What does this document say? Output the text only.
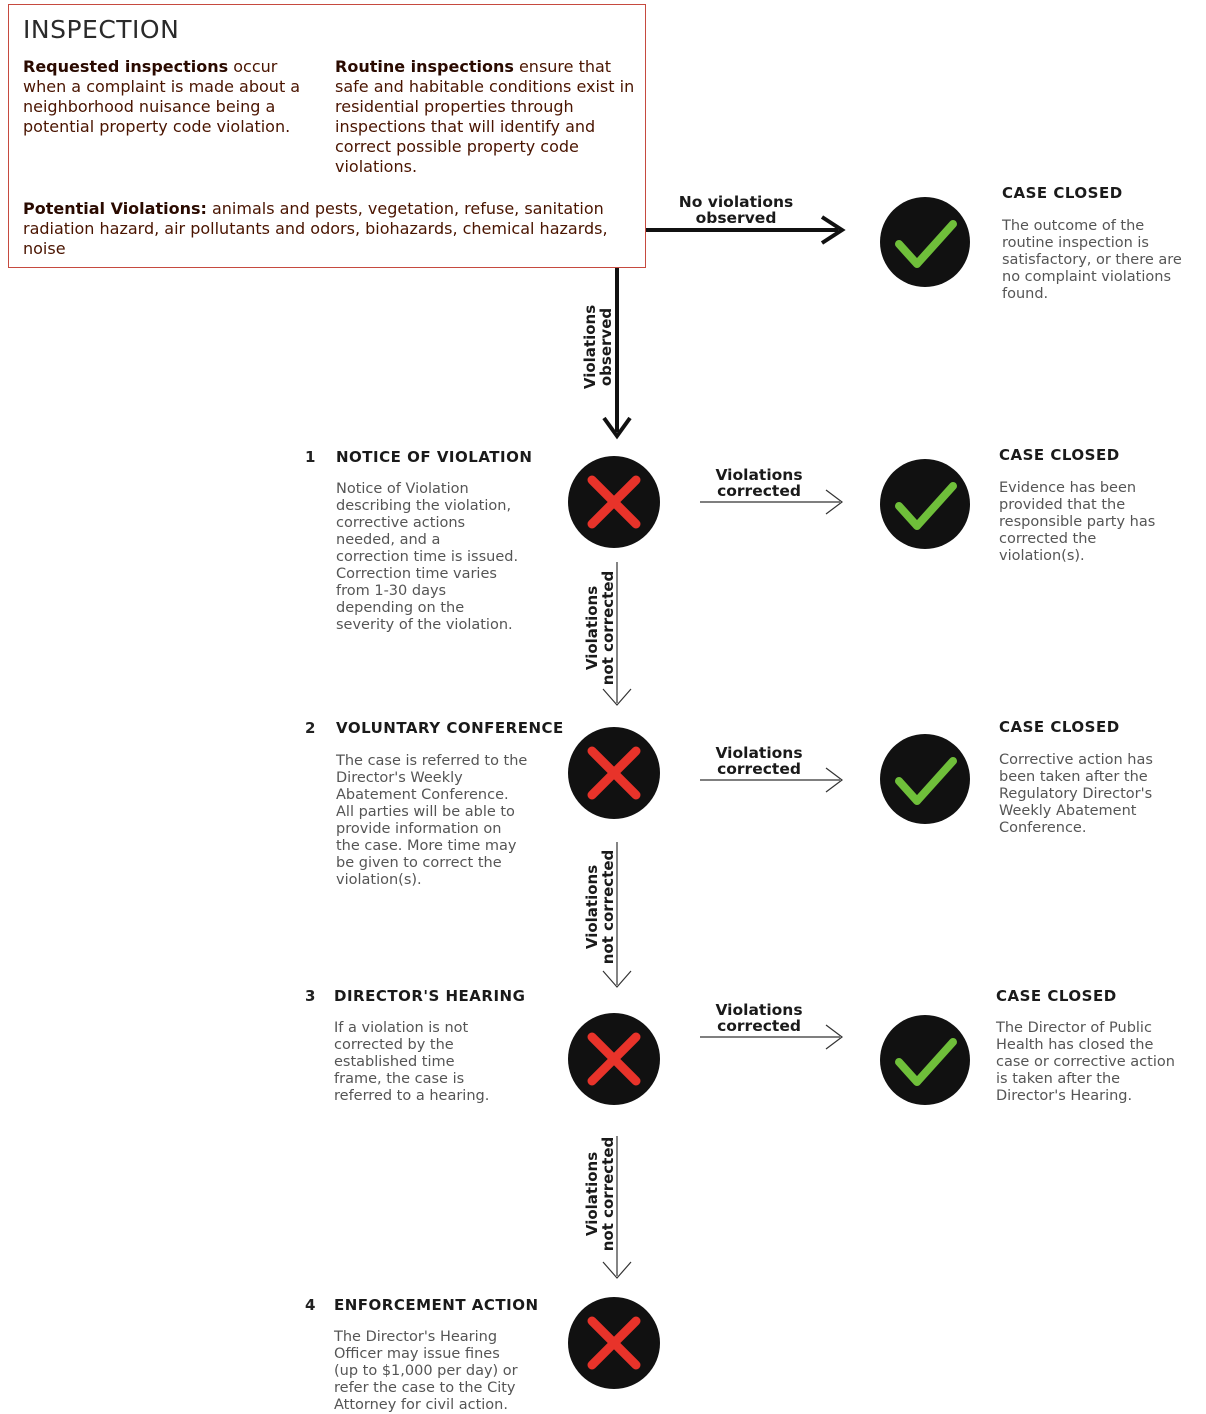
INSPECTION
Requested inspections occur when a complaint is made about a neighborhood nuisance being a potential property code violation.
Routine inspections ensure that safe and habitable conditions exist in residential properties through inspections that will identify and correct possible property code violations.
Potential Violations: animals and pests, vegetation, refuse, sanitation radiation hazard, air pollutants and odors, biohazards, chemical hazards, noise
No violations
observed
Violations
observed
Violations
corrected
Violations
corrected
Violations
corrected
Violations
not corrected
Violations
not corrected
Violations
not corrected
CASE CLOSED
The outcome of the
routine inspection is
satisfactory, or there are
no complaint violations
found.
CASE CLOSED
Evidence has been
provided that the
responsible party has
corrected the
violation(s).
CASE CLOSED
Corrective action has
been taken after the
Regulatory Director's
Weekly Abatement
Conference.
CASE CLOSED
The Director of Public
Health has closed the
case or corrective action
is taken after the
Director's Hearing.
1 NOTICE OF VIOLATION
Notice of Violation
describing the violation,
corrective actions
needed, and a
correction time is issued.
Correction time varies
from 1-30 days
depending on the
severity of the violation.
2 VOLUNTARY CONFERENCE
The case is referred to the
Director's Weekly
Abatement Conference.
All parties will be able to
provide information on
the case. More time may
be given to correct the
violation(s).
3 DIRECTOR'S HEARING
If a violation is not
corrected by the
established time
frame, the case is
referred to a hearing.
4 ENFORCEMENT ACTION
The Director's Hearing
Officer may issue fines
(up to $1,000 per day) or
refer the case to the City
Attorney for civil action.
